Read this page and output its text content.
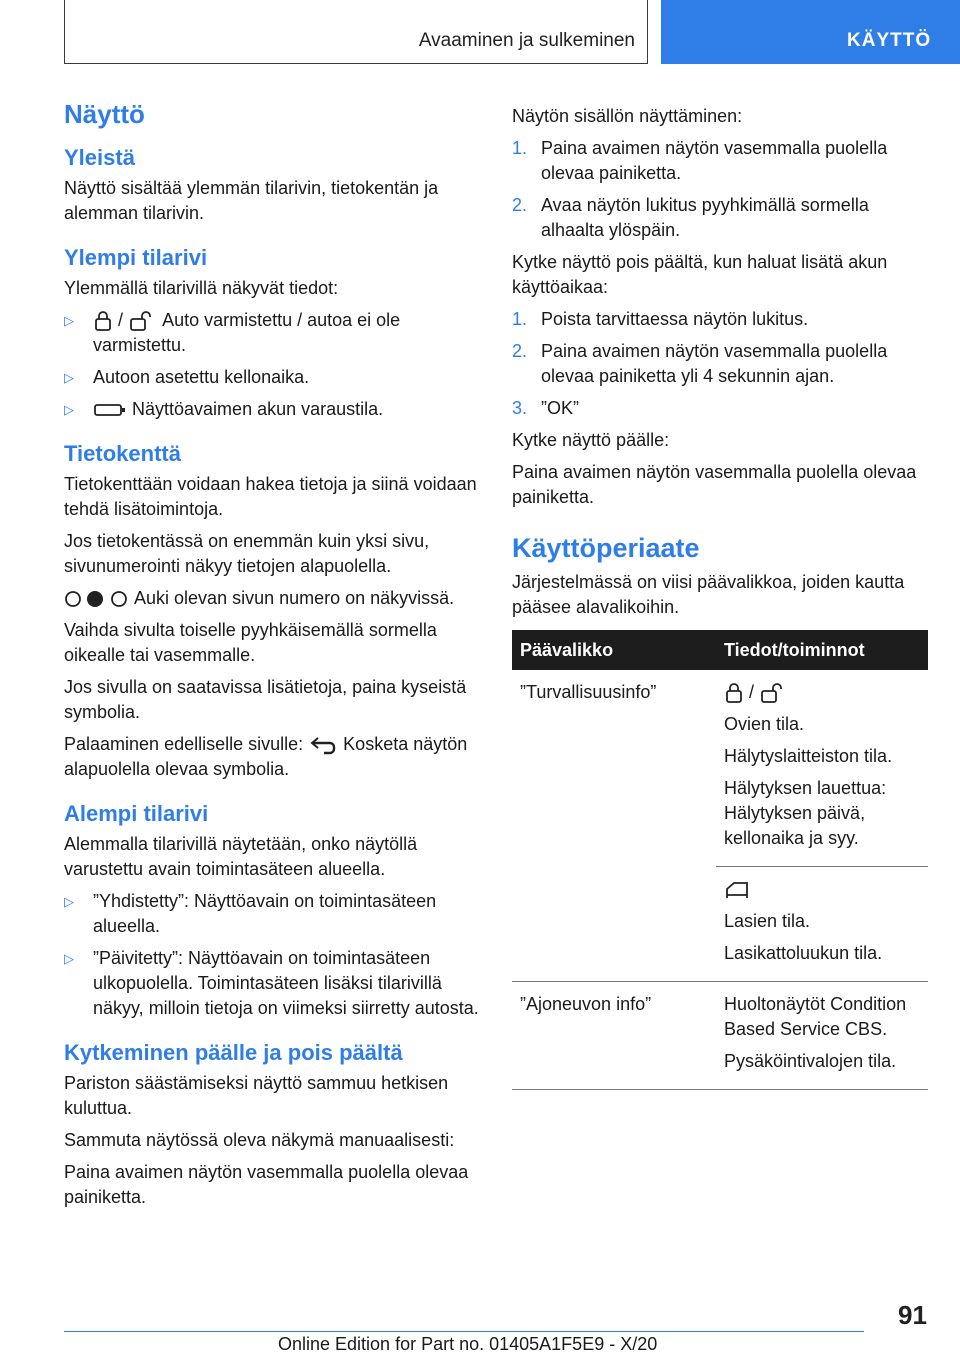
Avaaminen ja sulkeminen	KÄYTTÖ
Näyttö
Yleistä

Näyttö sisältää ylemmän tilarivin, tietokentän ja alemman tilarivin.

Ylempi tilarivi

Ylemmällä tilarivillä näkyvät tiedot:

▷ / Auto varmistettu / autoa ei ole varmistettu.
▷ Autoon asetettu kellonaika.
▷	Näyttöavaimen akun varaustila.
Tietokenttä

Tietokenttään voidaan hakea tietoja ja siinä voidaan tehdä lisätoimintoja.

Jos tietokentässä on enemmän kuin yksi sivu, sivunumerointi näkyy tietojen alapuolella.

Auki olevan sivun numero on näkyvissä.

Vaihda sivulta toiselle pyyhkäisemällä sormella oikealle tai vasemmalle.

Jos sivulla on saatavissa lisätietoja, paina kyseistä symbolia.

Palaaminen edelliselle sivulle: Kosketa näytön alapuolella olevaa symbolia.

Alempi tilarivi

Alemmalla tilarivillä näytetään, onko näytöllä varustettu avain toimintasäteen alueella.

▷ ”Yhdistetty”: Näyttöavain on toimintasäteen alueella.
▷ ”Päivitetty”: Näyttöavain on toimintasäteen ulkopuolella. Toimintasäteen lisäksi tilarivillä näkyy, milloin tietoja on viimeksi siirretty autosta.
Kytkeminen päälle ja pois päältä

Pariston säästämiseksi näyttö sammuu hetkisen kuluttua.

Sammuta näytössä oleva näkymä manuaalisesti:

Paina avaimen näytön vasemmalla puolella olevaa painiketta.

Näytön sisällön näyttäminen:

1. Paina avaimen näytön vasemmalla puolella olevaa painiketta.
2. Avaa näytön lukitus pyyhkimällä sormella alhaalta ylöspäin.

Kytke näyttö pois päältä, kun haluat lisätä akun käyttöaikaa:

1. Poista tarvittaessa näytön lukitus.
2. Paina avaimen näytön vasemmalla puolella olevaa painiketta yli 4 sekunnin ajan.
3. ”OK”

Kytke näyttö päälle:

Paina avaimen näytön vasemmalla puolella olevaa painiketta.

Käyttöperiaate

Järjestelmässä on viisi päävalikkoa, joiden kautta pääsee alavalikoihin.

Päävalikko	Tiedot/toiminnot
”Turvallisuusinfo”	/

Ovien tila.

Hälytyslaitteiston tila.

Hälytyksen lauettua: Hälytyksen päivä, kellonaika ja syy.

	Lasien tila.

Lasikattoluukun tila.

”Ajoneuvon info”	Huoltonäytöt Condition Based Service CBS.

Pysäköintivalojen tila.

91
Online Edition for Part no. 01405A1F5E9 - X/20
